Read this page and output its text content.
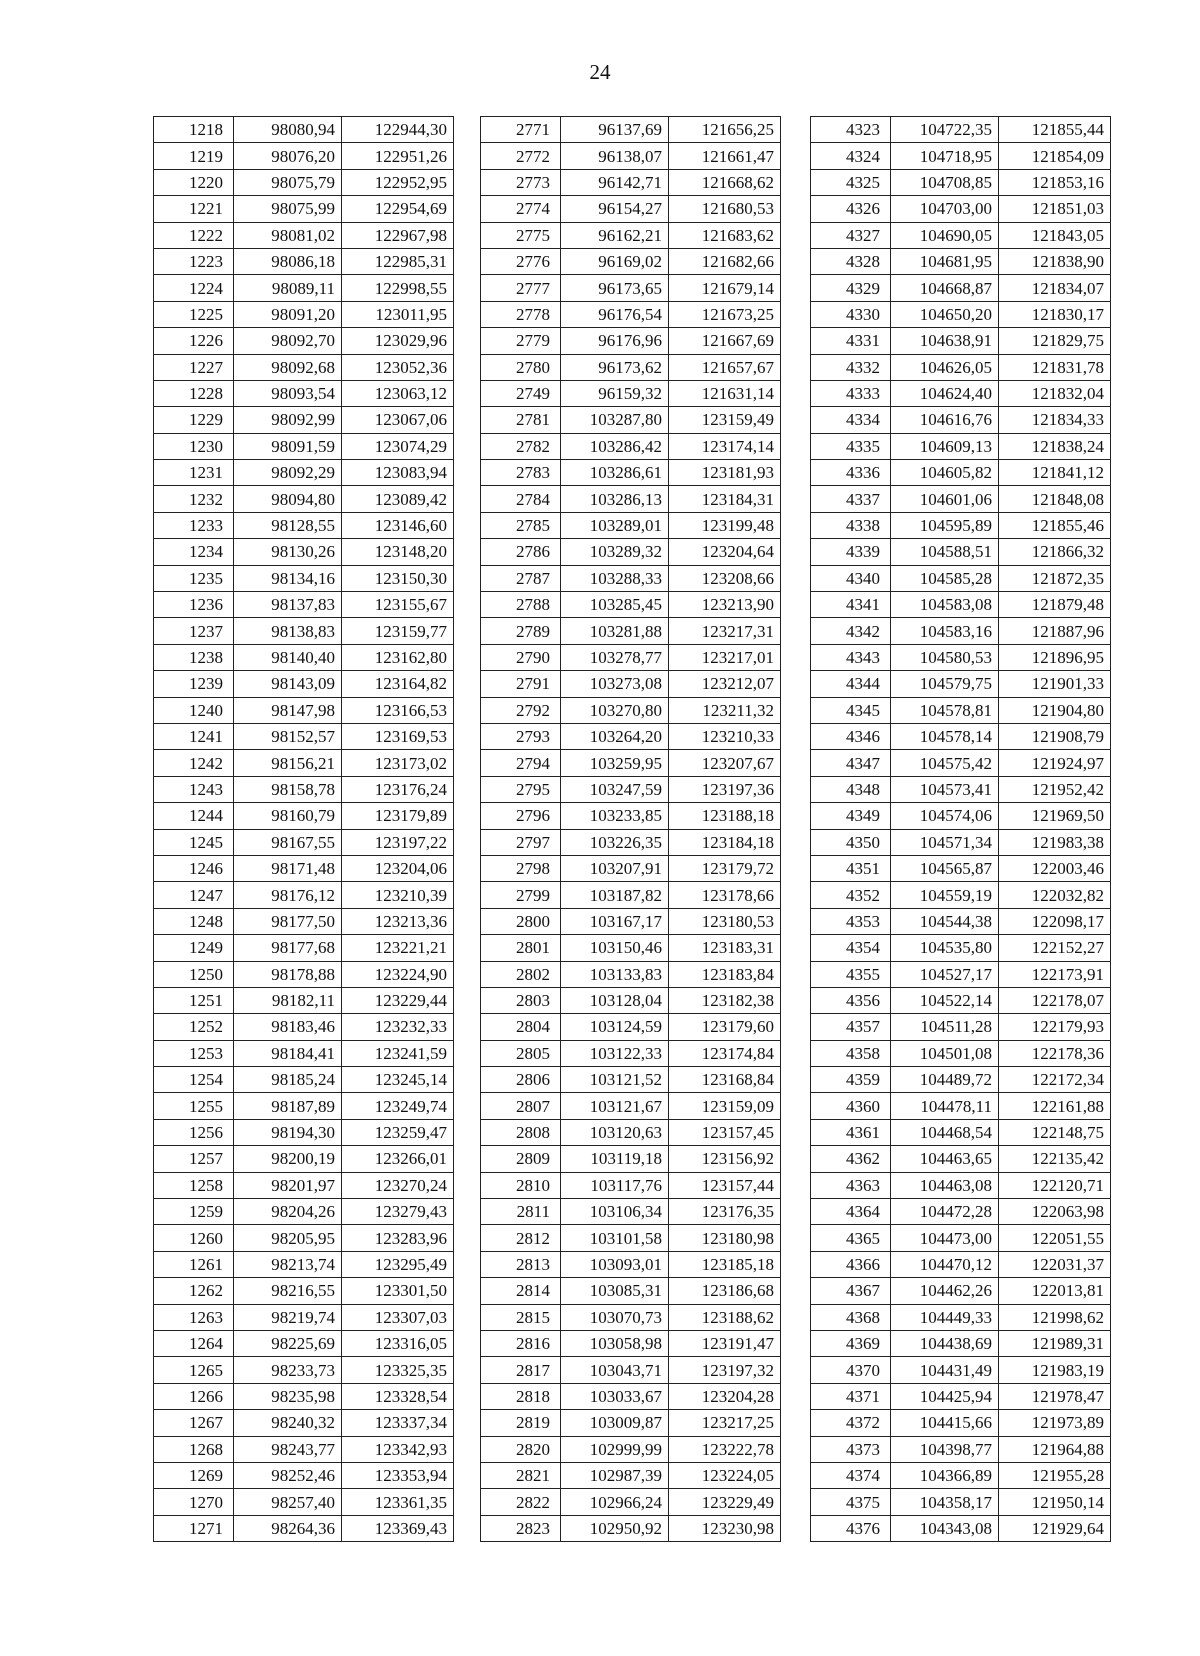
24
1218	98080,94	122944,30
1219	98076,20	122951,26
1220	98075,79	122952,95
1221	98075,99	122954,69
1222	98081,02	122967,98
1223	98086,18	122985,31
1224	98089,11	122998,55
1225	98091,20	123011,95
1226	98092,70	123029,96
1227	98092,68	123052,36
1228	98093,54	123063,12
1229	98092,99	123067,06
1230	98091,59	123074,29
1231	98092,29	123083,94
1232	98094,80	123089,42
1233	98128,55	123146,60
1234	98130,26	123148,20
1235	98134,16	123150,30
1236	98137,83	123155,67
1237	98138,83	123159,77
1238	98140,40	123162,80
1239	98143,09	123164,82
1240	98147,98	123166,53
1241	98152,57	123169,53
1242	98156,21	123173,02
1243	98158,78	123176,24
1244	98160,79	123179,89
1245	98167,55	123197,22
1246	98171,48	123204,06
1247	98176,12	123210,39
1248	98177,50	123213,36
1249	98177,68	123221,21
1250	98178,88	123224,90
1251	98182,11	123229,44
1252	98183,46	123232,33
1253	98184,41	123241,59
1254	98185,24	123245,14
1255	98187,89	123249,74
1256	98194,30	123259,47
1257	98200,19	123266,01
1258	98201,97	123270,24
1259	98204,26	123279,43
1260	98205,95	123283,96
1261	98213,74	123295,49
1262	98216,55	123301,50
1263	98219,74	123307,03
1264	98225,69	123316,05
1265	98233,73	123325,35
1266	98235,98	123328,54
1267	98240,32	123337,34
1268	98243,77	123342,93
1269	98252,46	123353,94
1270	98257,40	123361,35
1271	98264,36	123369,43
2771	96137,69	121656,25
2772	96138,07	121661,47
2773	96142,71	121668,62
2774	96154,27	121680,53
2775	96162,21	121683,62
2776	96169,02	121682,66
2777	96173,65	121679,14
2778	96176,54	121673,25
2779	96176,96	121667,69
2780	96173,62	121657,67
2749	96159,32	121631,14
2781	103287,80	123159,49
2782	103286,42	123174,14
2783	103286,61	123181,93
2784	103286,13	123184,31
2785	103289,01	123199,48
2786	103289,32	123204,64
2787	103288,33	123208,66
2788	103285,45	123213,90
2789	103281,88	123217,31
2790	103278,77	123217,01
2791	103273,08	123212,07
2792	103270,80	123211,32
2793	103264,20	123210,33
2794	103259,95	123207,67
2795	103247,59	123197,36
2796	103233,85	123188,18
2797	103226,35	123184,18
2798	103207,91	123179,72
2799	103187,82	123178,66
2800	103167,17	123180,53
2801	103150,46	123183,31
2802	103133,83	123183,84
2803	103128,04	123182,38
2804	103124,59	123179,60
2805	103122,33	123174,84
2806	103121,52	123168,84
2807	103121,67	123159,09
2808	103120,63	123157,45
2809	103119,18	123156,92
2810	103117,76	123157,44
2811	103106,34	123176,35
2812	103101,58	123180,98
2813	103093,01	123185,18
2814	103085,31	123186,68
2815	103070,73	123188,62
2816	103058,98	123191,47
2817	103043,71	123197,32
2818	103033,67	123204,28
2819	103009,87	123217,25
2820	102999,99	123222,78
2821	102987,39	123224,05
2822	102966,24	123229,49
2823	102950,92	123230,98
4323	104722,35	121855,44
4324	104718,95	121854,09
4325	104708,85	121853,16
4326	104703,00	121851,03
4327	104690,05	121843,05
4328	104681,95	121838,90
4329	104668,87	121834,07
4330	104650,20	121830,17
4331	104638,91	121829,75
4332	104626,05	121831,78
4333	104624,40	121832,04
4334	104616,76	121834,33
4335	104609,13	121838,24
4336	104605,82	121841,12
4337	104601,06	121848,08
4338	104595,89	121855,46
4339	104588,51	121866,32
4340	104585,28	121872,35
4341	104583,08	121879,48
4342	104583,16	121887,96
4343	104580,53	121896,95
4344	104579,75	121901,33
4345	104578,81	121904,80
4346	104578,14	121908,79
4347	104575,42	121924,97
4348	104573,41	121952,42
4349	104574,06	121969,50
4350	104571,34	121983,38
4351	104565,87	122003,46
4352	104559,19	122032,82
4353	104544,38	122098,17
4354	104535,80	122152,27
4355	104527,17	122173,91
4356	104522,14	122178,07
4357	104511,28	122179,93
4358	104501,08	122178,36
4359	104489,72	122172,34
4360	104478,11	122161,88
4361	104468,54	122148,75
4362	104463,65	122135,42
4363	104463,08	122120,71
4364	104472,28	122063,98
4365	104473,00	122051,55
4366	104470,12	122031,37
4367	104462,26	122013,81
4368	104449,33	121998,62
4369	104438,69	121989,31
4370	104431,49	121983,19
4371	104425,94	121978,47
4372	104415,66	121973,89
4373	104398,77	121964,88
4374	104366,89	121955,28
4375	104358,17	121950,14
4376	104343,08	121929,64
